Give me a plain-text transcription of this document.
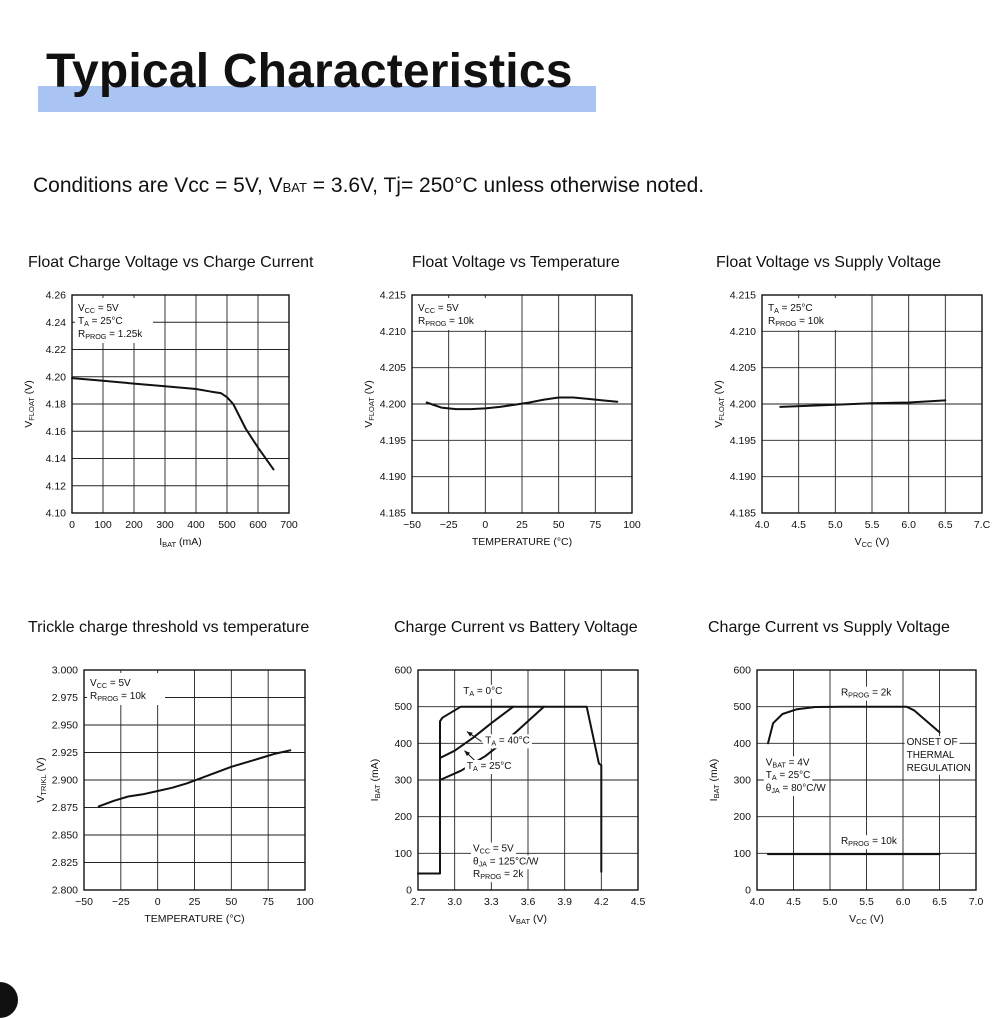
Typical Characteristics
Conditions are Vcc = 5V, VBAT = 3.6V, Tj= 250°C unless otherwise noted.
Float Charge Voltage vs Charge Current	Float Voltage vs Temperature	Float Voltage vs Supply Voltage
Trickle charge threshold vs temperature	Charge Current vs Battery Voltage	Charge Current vs Supply Voltage
0 100 200 300 400 500 600 700
4.10
4.12
4.14
4.16
4.18
4.20
4.22
4.24
4.26
IBAT (mA)
VFLOAT (V)
$V_{CC} = 5V$
$T_A = 25^\circ C$
$R_{PROG} = 1.25k$
−50 −25 0	25 50 75 100
4.185
4.190
4.195
4.200
4.205
4.210
4.215
TEMPERATURE (°C)
VFLOAT (V)
$V_{CC} = 5V$
$R_{PROG} = 10k$
4.0 4.5 5.0 5.5 6.0 6.5 7.C
4.185
4.190
4.195
4.200
4.205
4.210
4.215
VCC (V)
VFLOAT (V)
$T_A = 25^\circ C$
$R_{PROG} = 10k$
−50 −25 0	25 50 75 100
2.800
2.825
2.850
2.875
2.900
2.925
2.950
2.975
3.000
TEMPERATURE (°C)
VTRIKL (V)
$V_{CC} = 5V$
$R_{PROG} = 10k$
2.7 3.0 3.3 3.6 3.9 4.2 4.5
0
100
200
300
400
500
600
VBAT (V)
IBAT (mA)
$T_A = 0^\circ C$
$T_A = 40^\circ C$
$T_A = 25^\circ C$
$V_{CC} = 5V$
$\theta_{JA} = 125^\circ C/W$
$R_{PROG} = 2k$
4.0 4.5 5.0 5.5 6.0 6.5 7.0
0
100
200
300
400
500
600
VCC (V)
IBAT (mA)
$R_{PROG} = 2k$
ONSET OF
THERMAL
REGULATION
$V_{BAT} = 4V$
$T_A = 25^\circ C$
$\theta_{JA} = 80^\circ C/W$
$R_{PROG} = 10k$
